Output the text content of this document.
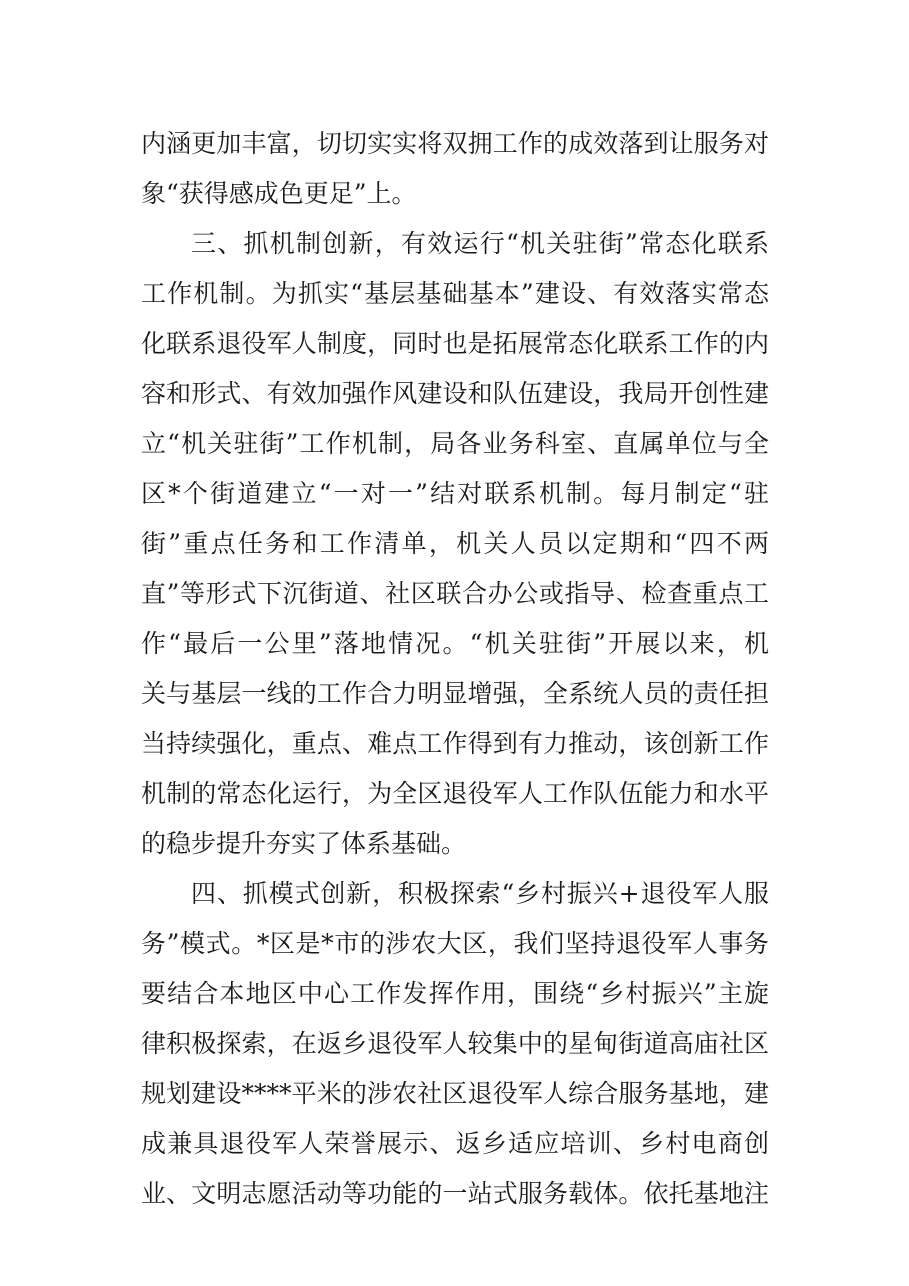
内涵更加丰富，切切实实将双拥工作的成效落到让服务对
象“获得感成色更足”上。
三、抓机制创新，有效运行“机关驻街”常态化联系
工作机制。为抓实“基层基础基本”建设、有效落实常态
化联系退役军人制度，同时也是拓展常态化联系工作的内
容和形式、有效加强作风建设和队伍建设，我局开创性建
立“机关驻街”工作机制，局各业务科室、直属单位与全
区*个街道建立“一对一”结对联系机制。每月制定“驻
街”重点任务和工作清单，机关人员以定期和“四不两
直”等形式下沉街道、社区联合办公或指导、检查重点工
作“最后一公里”落地情况。“机关驻街”开展以来，机
关与基层一线的工作合力明显增强，全系统人员的责任担
当持续强化，重点、难点工作得到有力推动，该创新工作
机制的常态化运行，为全区退役军人工作队伍能力和水平
的稳步提升夯实了体系基础。
四、抓模式创新，积极探索“乡村振兴+退役军人服
务”模式。*区是*市的涉农大区，我们坚持退役军人事务
要结合本地区中心工作发挥作用，围绕“乡村振兴”主旋
律积极探索，在返乡退役军人较集中的星甸街道高庙社区
规划建设****平米的涉农社区退役军人综合服务基地，建
成兼具退役军人荣誉展示、返乡适应培训、乡村电商创
业、文明志愿活动等功能的一站式服务载体。依托基地注
